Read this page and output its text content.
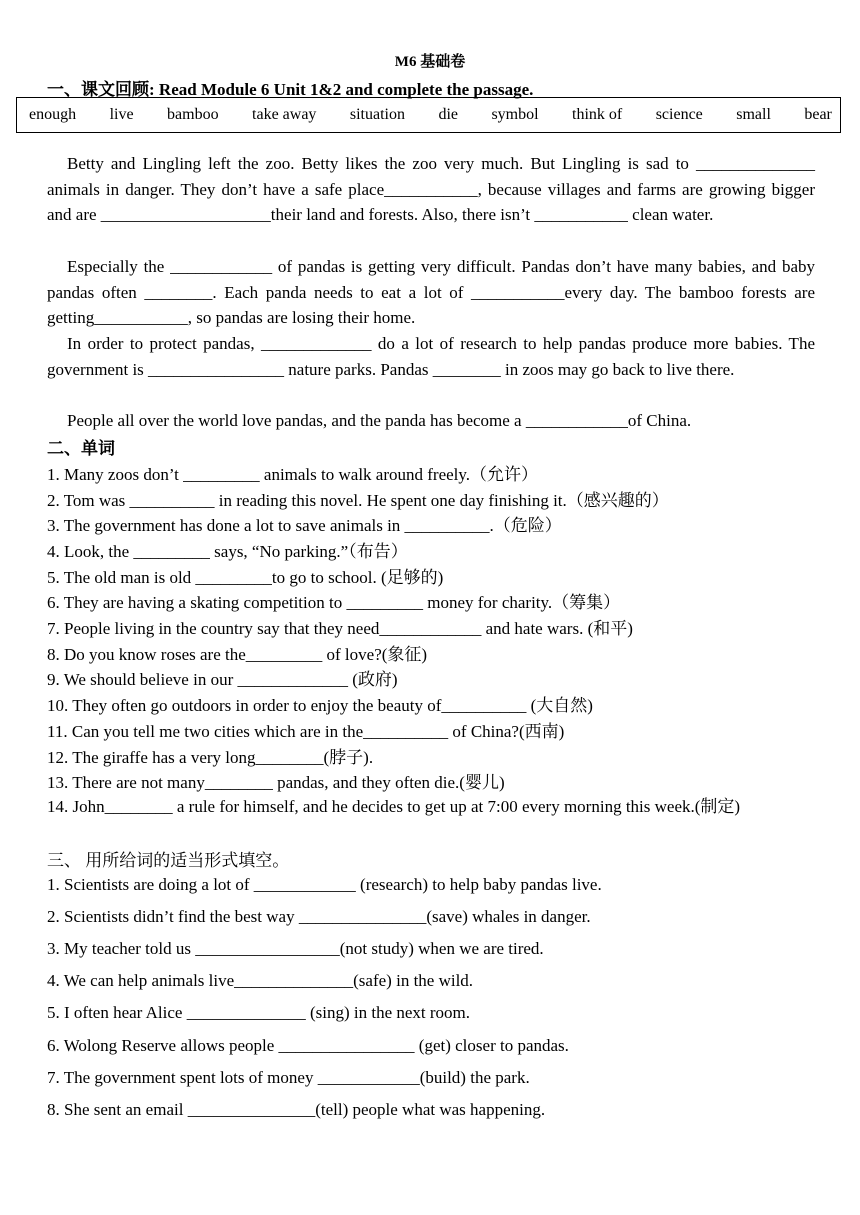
M6 基础卷
一、课文回顾: Read Module 6 Unit 1&2 and complete the passage.
enough live bamboo take away situation die symbol think of science small bear

Betty and Lingling left the zoo. Betty likes the zoo very much. But Lingling is sad to ______________ animals in danger. They don’t have a safe place___________, because villages and farms are growing bigger and are ____________________their land and forests. Also, there isn’t ___________ clean water.

Especially the ____________ of pandas is getting very difficult. Pandas don’t have many babies, and baby pandas often ________. Each panda needs to eat a lot of ___________every day. The bamboo forests are getting___________, so pandas are losing their home.

In order to protect pandas, _____________ do a lot of research to help pandas produce more babies. The government is ________________ nature parks. Pandas ________ in zoos may go back to live there.

People all over the world love pandas, and the panda has become a ____________of China.

二、单词
1. Many zoos don’t _________ animals to walk around freely.（允许）
2. Tom was __________ in reading this novel. He spent one day finishing it.（感兴趣的）
3. The government has done a lot to save animals in __________.（危险）
4. Look, the _________ says, “No parking.”（布告）
5. The old man is old _________to go to school. (足够的)
6. They are having a skating competition to _________ money for charity.（筹集）
7. People living in the country say that they need____________ and hate wars. (和平)
8. Do you know roses are the_________ of love?(象征)
9. We should believe in our _____________ (政府)
10. They often go outdoors in order to enjoy the beauty of__________ (大自然)
11. Can you tell me two cities which are in the__________ of China?(西南)
12. The giraffe has a very long________(脖子).
13. There are not many________ pandas, and they often die.(婴儿)
14. John________ a rule for himself, and he decides to get up at 7:00 every morning this week.(制定)
三、 用所给词的适当形式填空。
1. Scientists are doing a lot of ____________ (research) to help baby pandas live.
2. Scientists didn’t find the best way _______________(save) whales in danger.
3. My teacher told us _________________(not study) when we are tired.
4. We can help animals live______________(safe) in the wild.
5. I often hear Alice ______________ (sing) in the next room.
6. Wolong Reserve allows people ________________ (get) closer to pandas.
7. The government spent lots of money ____________(build) the park.
8. She sent an email _______________(tell) people what was happening.
